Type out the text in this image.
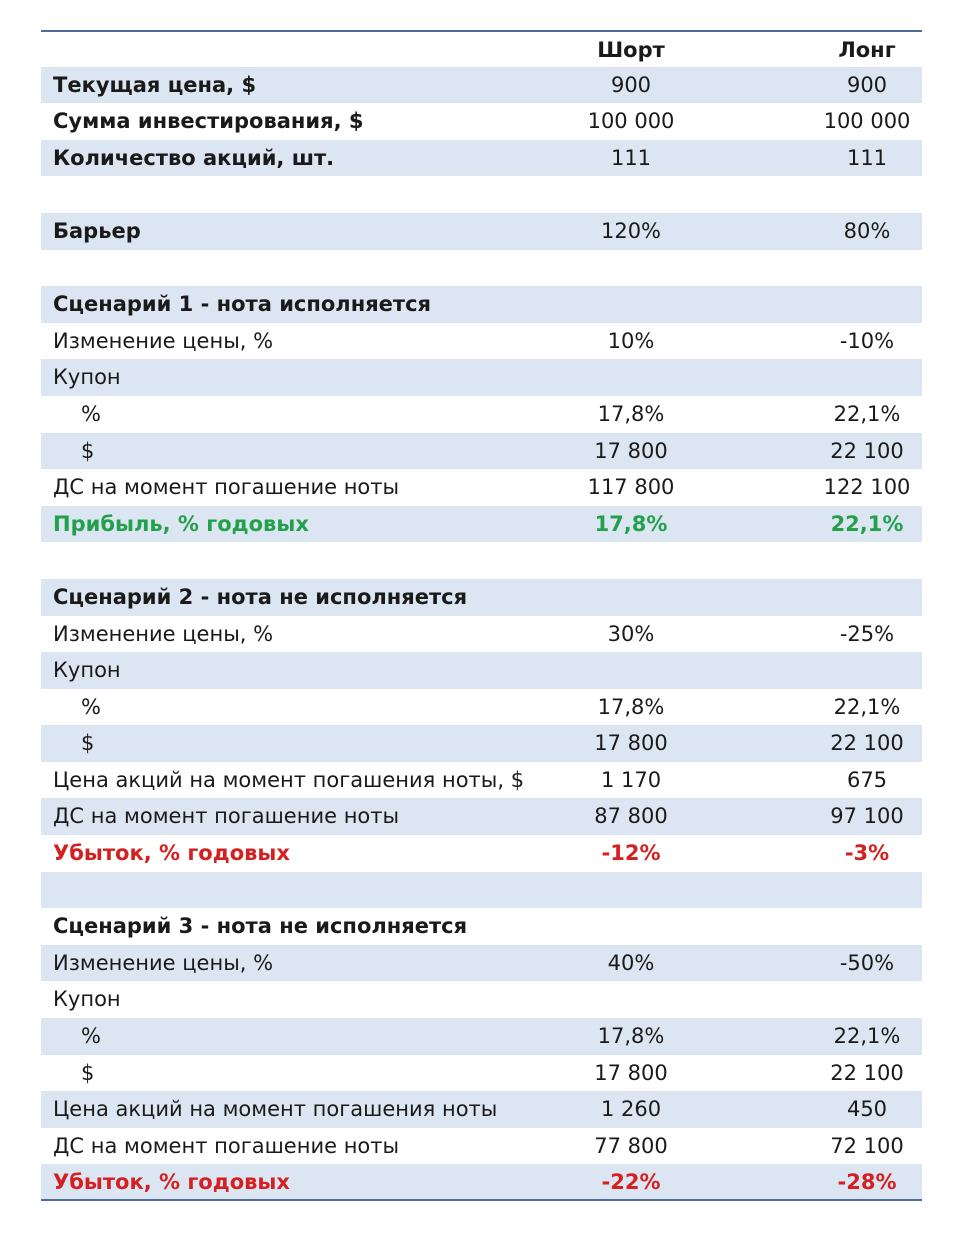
Шорт	Лонг
Текущая цена, $	900	900
Сумма инвестирования, $	100 000	100 000
Количество акций, шт.	111	111
Барьер	120%	80%
Сценарий 1 - нота исполняется
Изменение цены, %	10%	-10%
Купон
%	17,8%	22,1%
$	17 800	22 100
ДС на момент погашение ноты	117 800	122 100
Прибыль, % годовых	17,8%	22,1%
Сценарий 2 - нота не исполняется
Изменение цены, %	30%	-25%
Купон
%	17,8%	22,1%
$	17 800	22 100
Цена акций на момент погашения ноты, $	1 170	675
ДС на момент погашение ноты	87 800	97 100
Убыток, % годовых	-12%	-3%
Сценарий 3 - нота не исполняется
Изменение цены, %	40%	-50%
Купон
%	17,8%	22,1%
$	17 800	22 100
Цена акций на момент погашения ноты	1 260	450
ДС на момент погашение ноты	77 800	72 100
Убыток, % годовых	-22%	-28%
